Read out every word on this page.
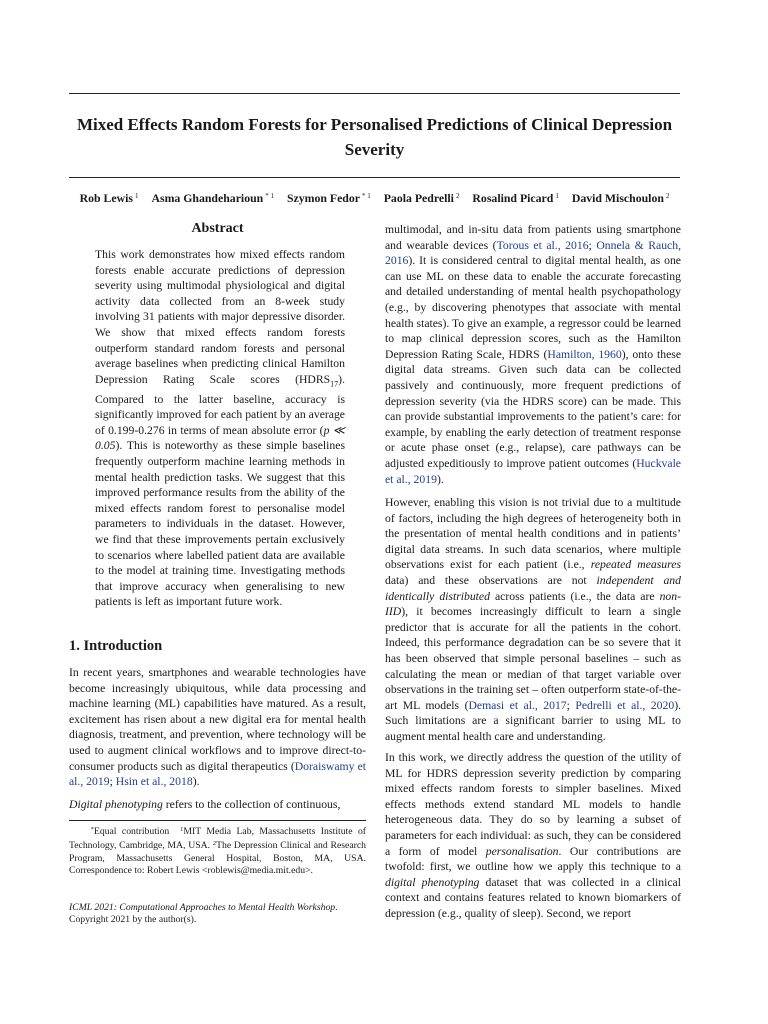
Mixed Effects Random Forests for Personalised Predictions of Clinical Depression Severity
Rob Lewis $^1$ Asma Ghandeharioun $^{* 1}$ Szymon Fedor $^{* 1}$ Paola Pedrelli $^2$ Rosalind Picard $^1$ David Mischoulon $^2$
Abstract

This work demonstrates how mixed effects random forests enable accurate predictions of depression severity using multimodal physiological and digital activity data collected from an 8-week study involving 31 patients with major depressive disorder. We show that mixed effects random forests outperform standard random forests and personal average baselines when predicting clinical Hamilton Depression Rating Scale scores $(HDRS_{17})$. Compared to the latter baseline, accuracy is significantly improved for each patient by an average of 0.199-0.276 in terms of mean absolute error (p ≪ 0.05). This is noteworthy as these simple baselines frequently outperform machine learning methods in mental health prediction tasks. We suggest that this improved performance results from the ability of the mixed effects random forest to personalise model parameters to individuals in the dataset. However, we find that these improvements pertain exclusively to scenarios where labelled patient data are available to the model at training time. Investigating methods that improve accuracy when generalising to new patients is left as important future work.

1. Introduction

In recent years, smartphones and wearable technologies have become increasingly ubiquitous, while data processing and machine learning (ML) capabilities have matured. As a result, excitement has risen about a new digital era for mental health diagnosis, treatment, and prevention, where technology will be used to augment clinical workflows and to improve direct-to-consumer products such as digital therapeutics (Doraiswamy et al., 2019; Hsin et al., 2018).

Digital phenotyping refers to the collection of continuous,

*Equal contribution $^1$MIT Media Lab, Massachusetts Institute of Technology, Cambridge, MA, USA. $^2$The Depression Clinical and Research Program, Massachusetts General Hospital, Boston, MA, USA. Correspondence to: Robert Lewis <roblewis@media.mit.edu>.

ICML 2021: Computational Approaches to Mental Health Workshop. Copyright 2021 by the author(s).

multimodal, and in-situ data from patients using smartphone and wearable devices (Torous et al., 2016; Onnela & Rauch, 2016). It is considered central to digital mental health, as one can use ML on these data to enable the accurate forecasting and detailed understanding of mental health psychopathology (e.g., by discovering phenotypes that associate with mental health states). To give an example, a regressor could be learned to map clinical depression scores, such as the Hamilton Depression Rating Scale, HDRS (Hamilton, 1960), onto these digital data streams. Given such data can be collected passively and continuously, more frequent predictions of depression severity (via the HDRS score) can be made. This can provide substantial improvements to the patient’s care: for example, by enabling the early detection of treatment response or acute phase onset (e.g., relapse), care pathways can be adjusted expeditiously to improve patient outcomes (Huckvale et al., 2019).

However, enabling this vision is not trivial due to a multitude of factors, including the high degrees of heterogeneity both in the presentation of mental health conditions and in patients’ digital data streams. In such data scenarios, where multiple observations exist for each patient (i.e., repeated measures data) and these observations are not independent and identically distributed across patients (i.e., the data are non-IID), it becomes increasingly difficult to learn a single predictor that is accurate for all the patients in the cohort. Indeed, this performance degradation can be so severe that it has been observed that simple personal baselines – such as calculating the mean or median of that target variable over observations in the training set – often outperform state-of-the-art ML models (Demasi et al., 2017; Pedrelli et al., 2020). Such limitations are a significant barrier to using ML to augment mental health care and understanding.

In this work, we directly address the question of the utility of ML for HDRS depression severity prediction by comparing mixed effects random forests to simpler baselines. Mixed effects methods extend standard ML models to handle heterogeneous data. They do so by learning a subset of parameters for each individual: as such, they can be considered a form of model personalisation. Our contributions are twofold: first, we outline how we apply this technique to a digital phenotyping dataset that was collected in a clinical context and contains features related to known biomarkers of depression (e.g., quality of sleep). Second, we report
